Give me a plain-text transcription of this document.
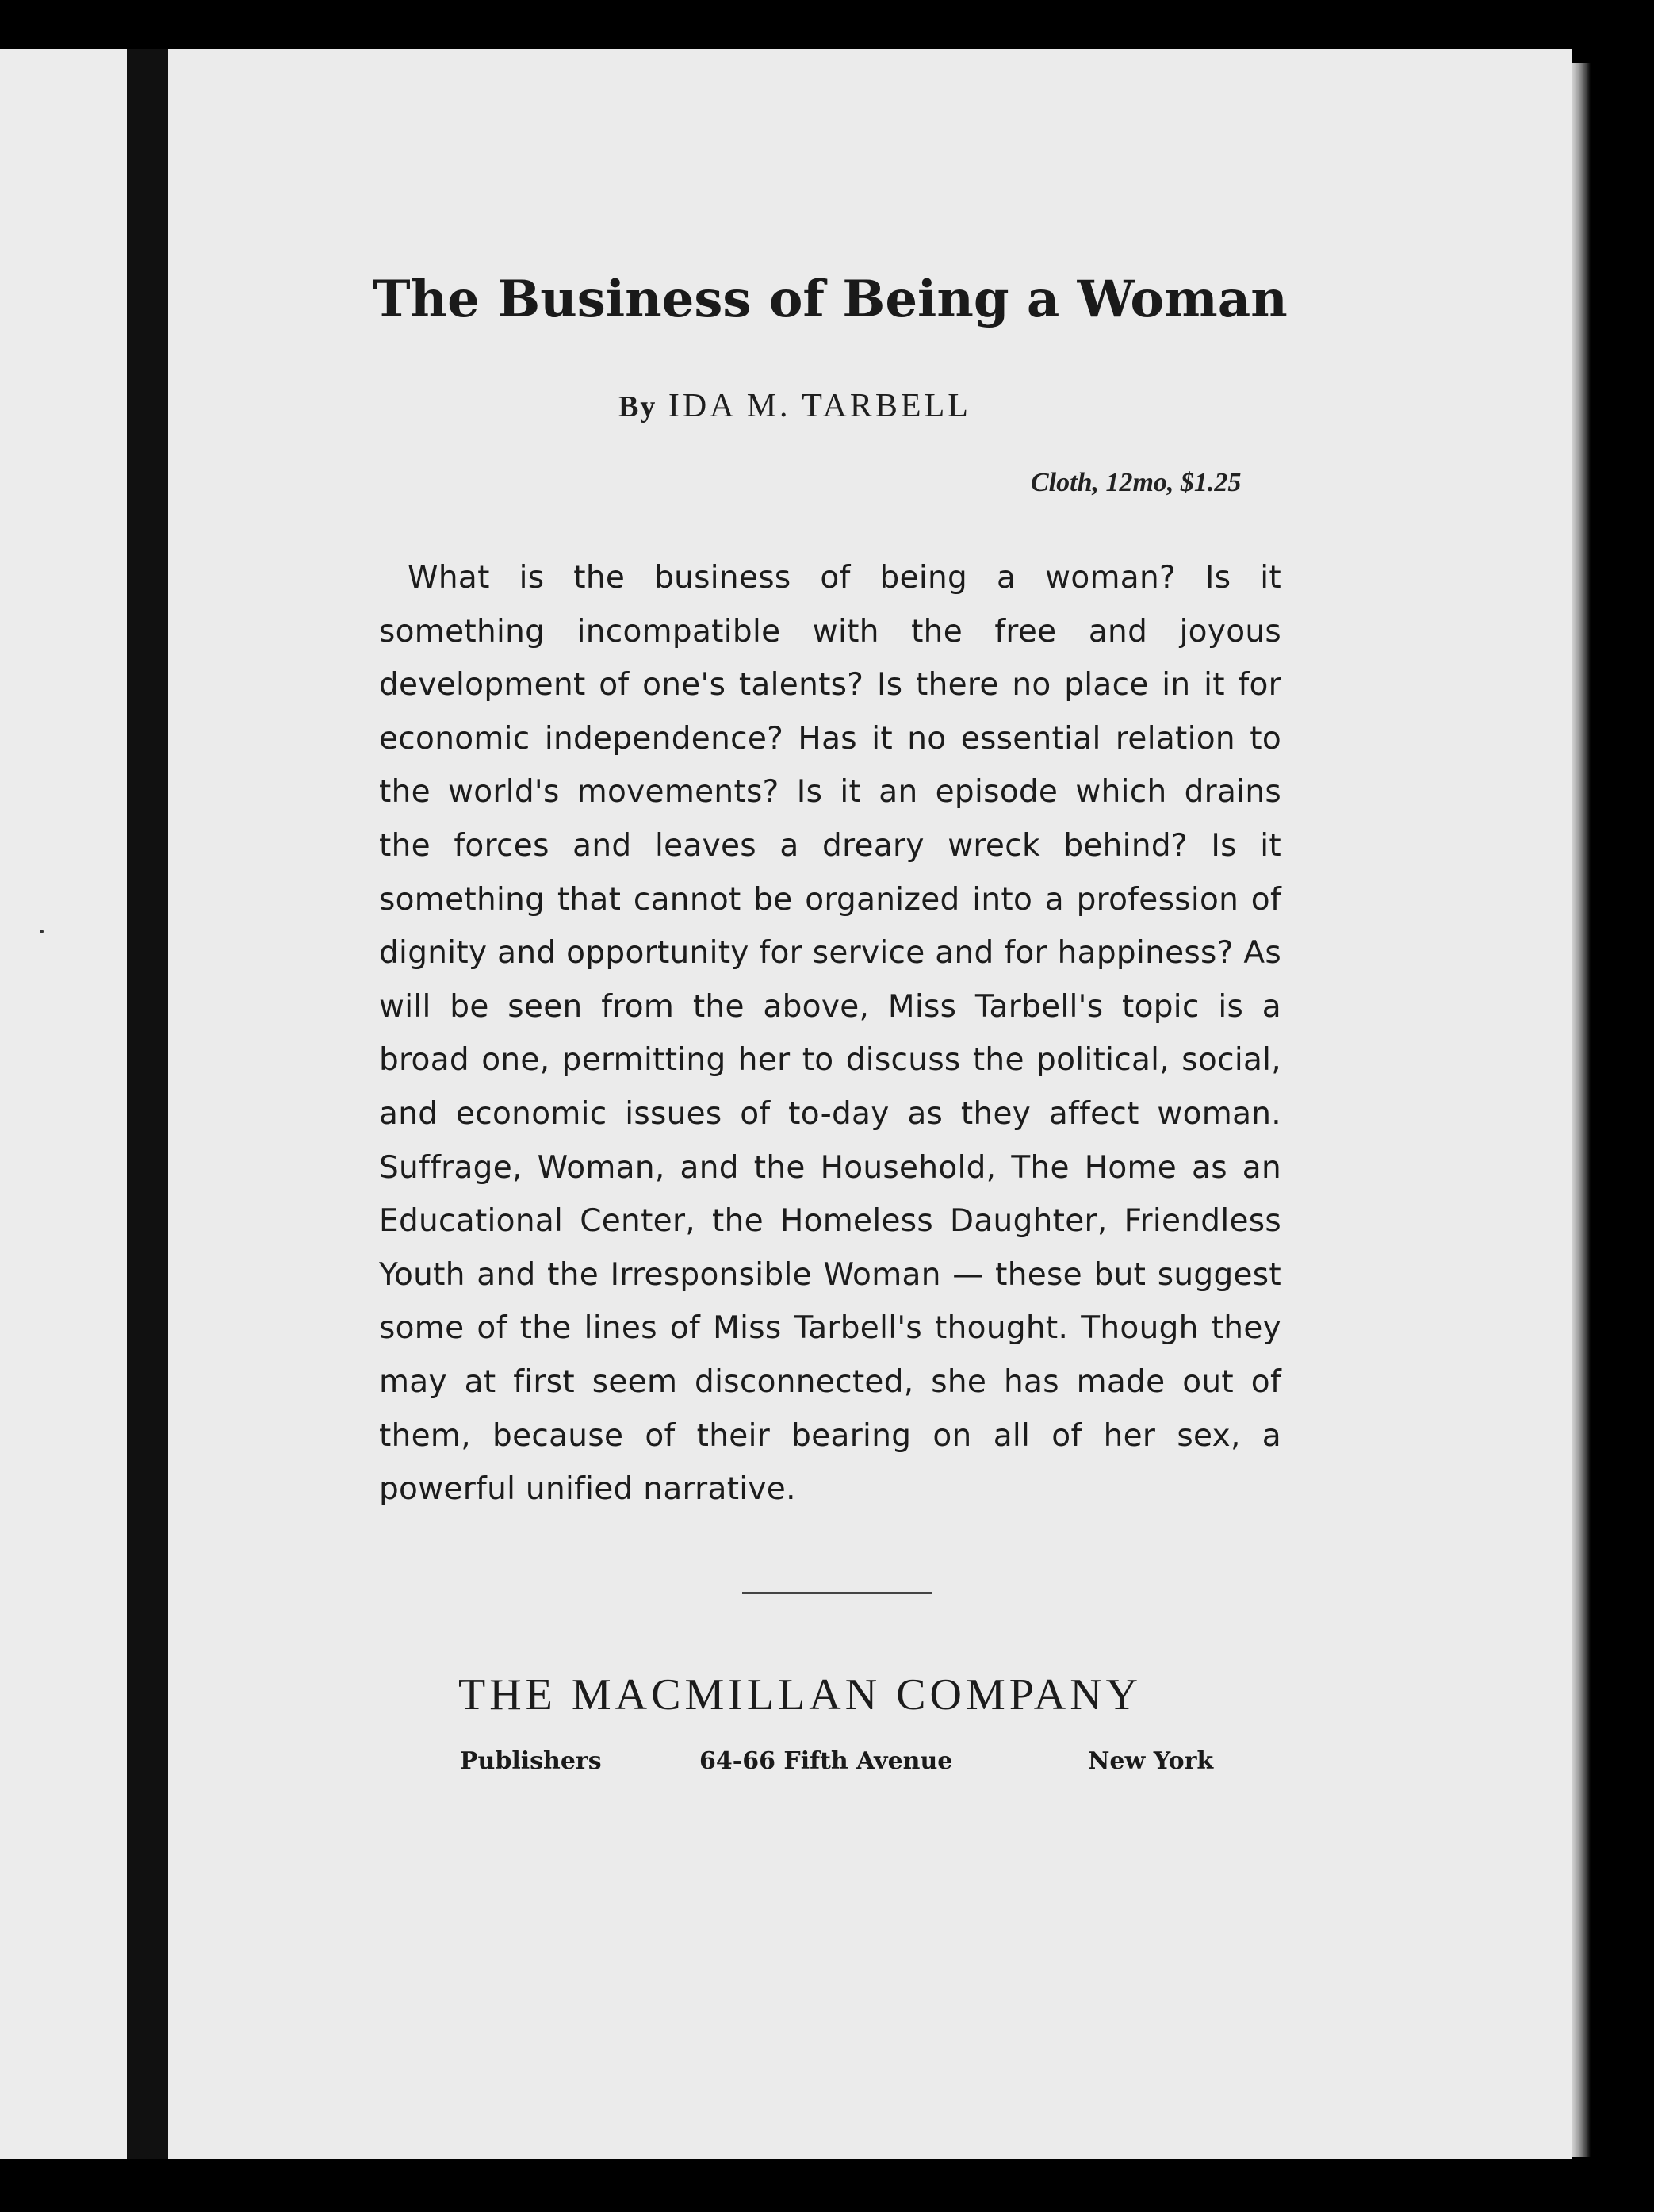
The Business of Being a Woman
By IDA M. TARBELL
Cloth, 12mo, $1.25

What is the business of being a woman? Is it something incompatible with the free and joyous development of one's talents? Is there no place in it for economic independence? Has it no essential relation to the world's movements? Is it an episode which drains the forces and leaves a dreary wreck behind? Is it something that cannot be organized into a profession of dignity and opportunity for service and for happiness? As will be seen from the above, Miss Tarbell's topic is a broad one, permitting her to discuss the political, social, and economic issues of to-day as they affect woman. Suffrage, Woman, and the Household, The Home as an Educational Center, the Homeless Daughter, Friendless Youth and the Irresponsible Woman — these but suggest some of the lines of Miss Tarbell's thought. Though they may at first seem disconnected, she has made out of them, because of their bearing on all of her sex, a powerful unified narrative.

THE MACMILLAN COMPANY
Publishers	64-66 Fifth Avenue	New York
